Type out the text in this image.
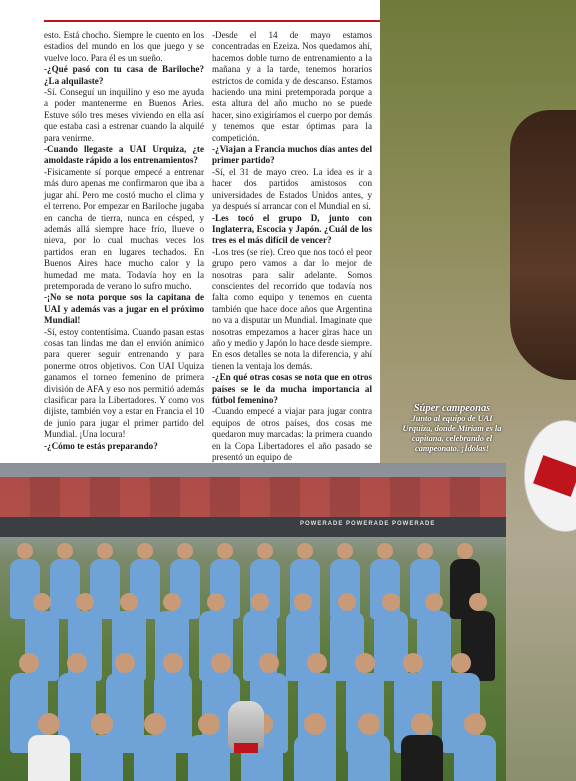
esto. Está chocho. Siempre le cuento en los estadios del mundo en los que juego y se vuelve loco. Para él es un sueño.

-¿Qué pasó con tu casa de Bariloche? ¿La alquilaste?

-Sí. Conseguí un inquilino y eso me ayuda a poder mantenerme en Buenos Aries. Estuve sólo tres meses viviendo en ella así que estaba casi a estrenar cuando la alquilé para venirme.

-Cuando llegaste a UAI Urquiza, ¿te amoldaste rápido a los entrenamientos?

-Fisicamente sí porque empecé a entrenar más duro apenas me confirmaron que iba a jugar ahí. Pero me costó mucho el clima y el terreno. Por empezar en Bariloche jugaba en cancha de tierra, nunca en césped, y además allá siempre hace frío, llueve o nieva, por lo cual muchas veces los partidos eran en lugares techados. En Buenos Aires hace mucho calor y la humedad me mata. Todavía hoy en la pretemporada de verano lo sufro mucho.

-¡No se nota porque sos la capitana de UAI y además vas a jugar en el próximo Mundial!

-Sí, estoy contentísima. Cuando pasan estas cosas tan lindas me dan el envión anímico para querer seguir entrenando y para ponerme otros objetivos. Con UAI Uquiza ganamos el torneo femenino de primera división de AFA y eso nos permitió además clasificar para la Libertadores. Y como vos dijiste, también voy a estar en Francia el 10 de junio para jugar el primer partido del Mundial. ¡Una locura!

-¿Cómo te estás preparando?

-Desde el 14 de mayo estamos concentradas en Ezeiza. Nos quedamos ahí, hacemos doble turno de entrenamiento a la mañana y a la tarde, tenemos horarios estrictos de comida y de descanso. Estamos haciendo una mini pretemporada porque a esta altura del año mucho no se puede hacer, sino exigiríamos el cuerpo por demás y tenemos que estar óptimas para la competición.

-¿Viajan a Francia muchos días antes del primer partido?

-Sí, el 31 de mayo creo. La idea es ir a hacer dos partidos amistosos con universidades de Estados Unidos antes, y ya después sí arrancar con el Mundial en sí.

-Les tocó el grupo D, junto con Inglaterra, Escocia y Japón. ¿Cuál de los tres es el más difícil de vencer?

-Los tres (se ríe). Creo que nos tocó el peor grupo pero vamos a dar lo mejor de nosotras para salir adelante. Somos conscientes del recorrido que todavía nos falta como equipo y tenemos en cuenta también que hace doce años que Argentina no va a disputar un Mundial. Imaginate que nosotras empezamos a hacer giras hace un año y medio y Japón lo hace desde siempre. En esos detalles se nota la diferencia, y ahí tienen la ventaja los demás.

-¿En qué otras cosas se nota que en otros países se le da mucha importancia al fútbol femenino?

-Cuando empecé a viajar para jugar contra equipos de otros países, dos cosas me quedaron muy marcadas: la primera cuando en la Copa Libertadores el año pasado se presentó un equipo de

Súper campeonas
Junto al equipo de UAI Urquiza, donde Miriam es la capitana, celebrando el campeonato. ¡Ídolas!
POWERADE POWERADE POWERADE
